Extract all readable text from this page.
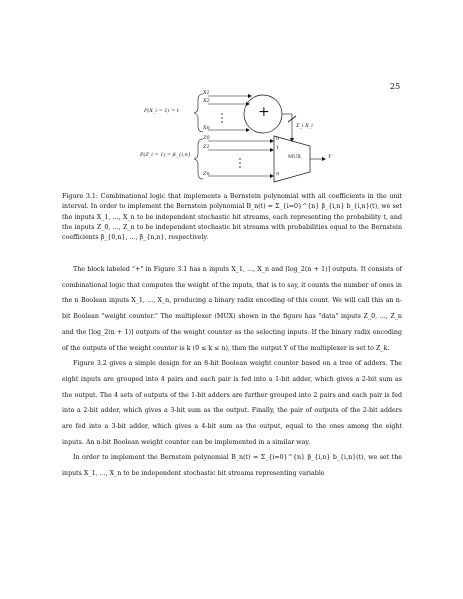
25
P(X_i = 1) = t
P(Z_i = 1) = β_{i,n}
X1
X2
Xn
Z0
Z1
Zn
+
Σ_i X_i
0
1
n
MUX	Y
Figure 3.1: Combinational logic that implements a Bernstein polynomial with all coefficients in the unit interval. In order to implement the Bernstein polynomial B_n(t) = Σ_{i=0}^{n} β_{i,n} b_{i,n}(t), we set the inputs X_1, ..., X_n to be independent stochastic bit streams, each representing the probability t, and the inputs Z_0, ..., Z_n to be independent stochastic bit streams with probabilities equal to the Bernstein coefficients β_{0,n}, ..., β_{n,n}, respectively.

The block labeled "+" in Figure 3.1 has n inputs X_1, ..., X_n and ⌈log_2(n + 1)⌉ outputs. It consists of combinational logic that computes the weight of the inputs, that is to say, it counts the number of ones in the n Boolean inputs X_1, ..., X_n, producing a binary radix encoding of this count. We will call this an n-bit Boolean "weight counter." The multiplexer (MUX) shown in the figure has "data" inputs Z_0, ..., Z_n and the ⌈log_2(n + 1)⌉ outputs of the weight counter as the selecting inputs. If the binary radix encoding of the outputs of the weight counter is k (0 ≤ k ≤ n), then the output Y of the multiplexer is set to Z_k.

Figure 3.2 gives a simple design for an 8-bit Boolean weight counter based on a tree of adders. The eight inputs are grouped into 4 pairs and each pair is fed into a 1-bit adder, which gives a 2-bit sum as the output. The 4 sets of outputs of the 1-bit adders are further grouped into 2 pairs and each pair is fed into a 2-bit adder, which gives a 3-bit sum as the output. Finally, the pair of outputs of the 2-bit adders are fed into a 3-bit adder, which gives a 4-bit sum as the output, equal to the ones among the eight inputs. An n-bit Boolean weight counter can be implemented in a similar way.

In order to implement the Bernstein polynomial B_n(t) = Σ_{i=0}^{n} β_{i,n} b_{i,n}(t), we set the inputs X_1, ..., X_n to be independent stochastic bit streams representing variable
